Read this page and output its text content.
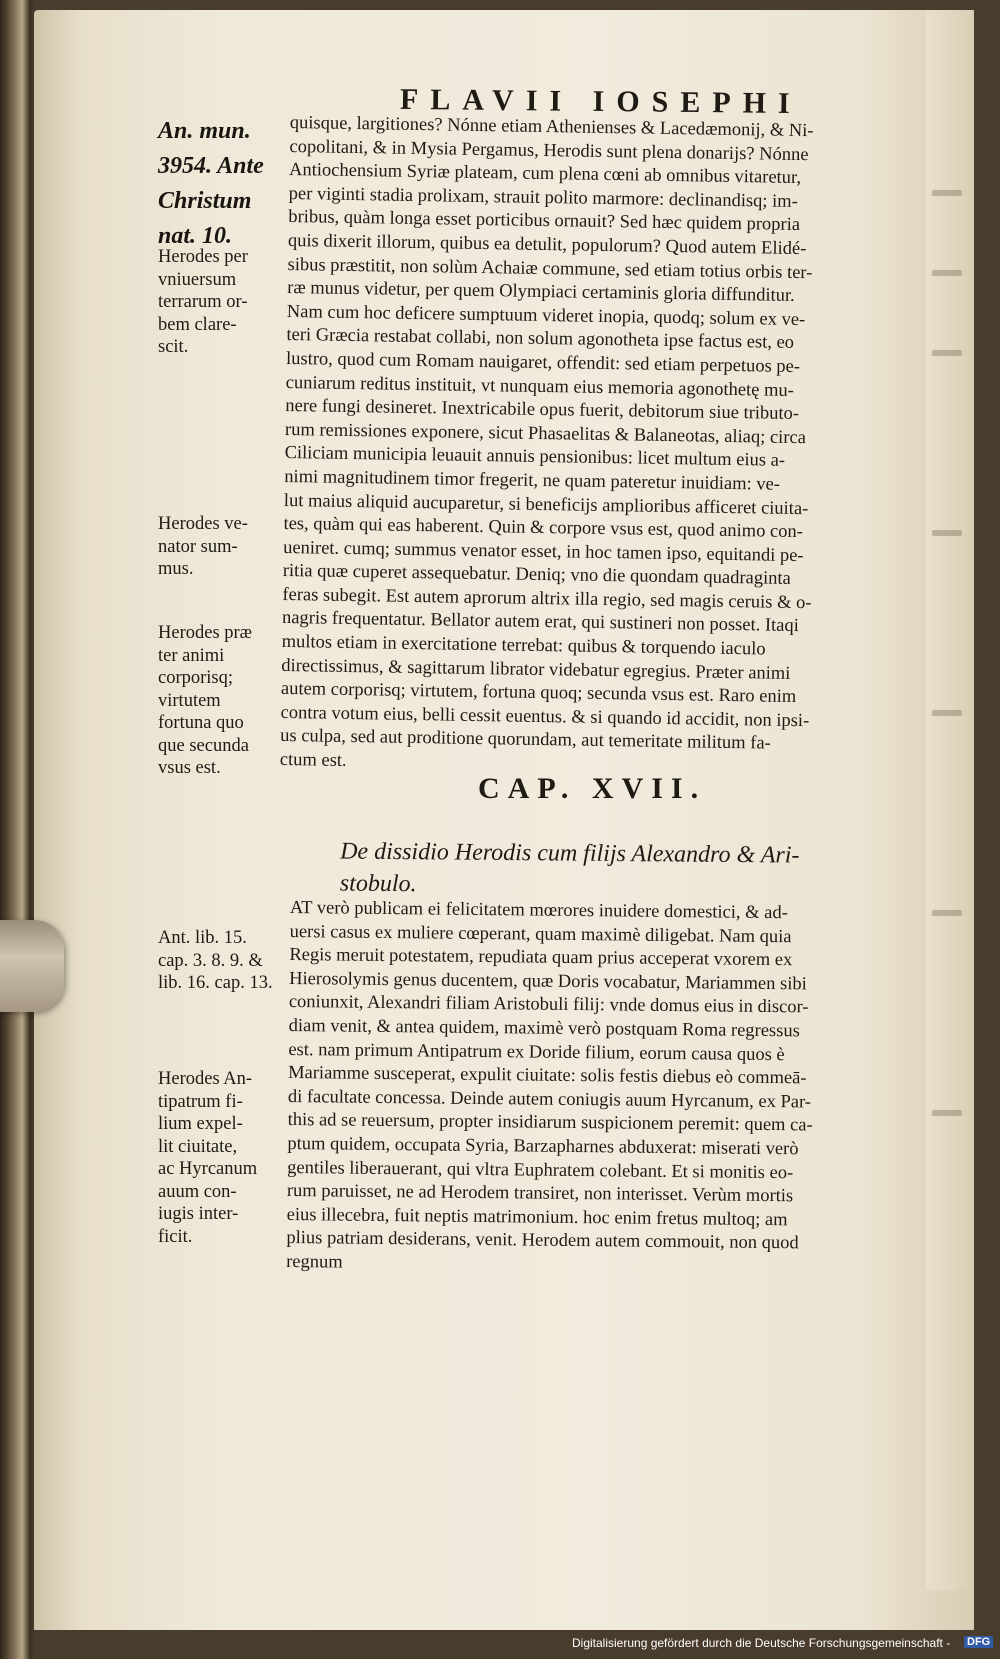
FLAVII IOSEPHI
An. mun.
3954. Ante
Christum
nat. 10.
Herodes per
vniuersum
terrarum or-
bem clare-
scit.
Herodes ve-
nator sum-
mus.
Herodes præ
ter animi
corporisq;
virtutem
fortuna quo
que secunda
vsus est.
Ant. lib. 15.
cap. 3. 8. 9. &
lib. 16. cap. 13.
Herodes An-
tipatrum fi-
lium expel-
lit ciuitate,
ac Hyrcanum
auum con-
iugis inter-
ficit.
quisque, largitiones? Nónne etiam Athenienses & Lacedæmonij, & Ni-
copolitani, & in Mysia Pergamus, Herodis sunt plena donarijs? Nónne
Antiochensium Syriæ plateam, cum plena cœni ab omnibus vitaretur,
per viginti stadia prolixam, strauit polito marmore: declinandisq; im-
bribus, quàm longa esset porticibus ornauit? Sed hæc quidem propria
quis dixerit illorum, quibus ea detulit, populorum? Quod autem Elidé-
sibus præstitit, non solùm Achaiæ commune, sed etiam totius orbis ter-
ræ munus videtur, per quem Olympiaci certaminis gloria diffunditur.
Nam cum hoc deficere sumptuum videret inopia, quodq; solum ex ve-
teri Græcia restabat collabi, non solum agonotheta ipse factus est, eo
lustro, quod cum Romam nauigaret, offendit: sed etiam perpetuos pe-
cuniarum reditus instituit, vt nunquam eius memoria agonothetę mu-
nere fungi desineret. Inextricabile opus fuerit, debitorum siue tributo-
rum remissiones exponere, sicut Phasaelitas & Balaneotas, aliaq; circa
Ciliciam municipia leuauit annuis pensionibus: licet multum eius a-
nimi magnitudinem timor fregerit, ne quam pateretur inuidiam: ve-
lut maius aliquid aucuparetur, si beneficijs amplioribus afficeret ciuita-
tes, quàm qui eas haberent. Quin & corpore vsus est, quod animo con-
ueniret. cumq; summus venator esset, in hoc tamen ipso, equitandi pe-
ritia quæ cuperet assequebatur. Deniq; vno die quondam quadraginta
feras subegit. Est autem aprorum altrix illa regio, sed magis ceruis & o-
nagris frequentatur. Bellator autem erat, qui sustineri non posset. Itaqi
multos etiam in exercitatione terrebat: quibus & torquendo iaculo
directissimus, & sagittarum librator videbatur egregius. Præter animi
autem corporisq; virtutem, fortuna quoq; secunda vsus est. Raro enim
contra votum eius, belli cessit euentus. & si quando id accidit, non ipsi-
us culpa, sed aut proditione quorundam, aut temeritate militum fa-
ctum est.
CAP. XVII.
De dissidio Herodis cum filijs Alexandro & Ari-
stobulo.
AT verò publicam ei felicitatem mœrores inuidere domestici, & ad-
uersi casus ex muliere cœperant, quam maximè diligebat. Nam quia
Regis meruit potestatem, repudiata quam prius acceperat vxorem ex
Hierosolymis genus ducentem, quæ Doris vocabatur, Mariammen sibi
coniunxit, Alexandri filiam Aristobuli filij: vnde domus eius in discor-
diam venit, & antea quidem, maximè verò postquam Roma regressus
est. nam primum Antipatrum ex Doride filium, eorum causa quos è
Mariamme susceperat, expulit ciuitate: solis festis diebus eò commeā-
di facultate concessa. Deinde autem coniugis auum Hyrcanum, ex Par-
this ad se reuersum, propter insidiarum suspicionem peremit: quem ca-
ptum quidem, occupata Syria, Barzapharnes abduxerat: miserati verò
gentiles liberauerant, qui vltra Euphratem colebant. Et si monitis eo-
rum paruisset, ne ad Herodem transiret, non interisset. Verùm mortis
eius illecebra, fuit neptis matrimonium. hoc enim fretus multoq; am
plius patriam desiderans, venit. Herodem autem commouit, non quod
regnum
Digitalisierung gefördert durch die Deutsche Forschungsgemeinschaft - DFG
